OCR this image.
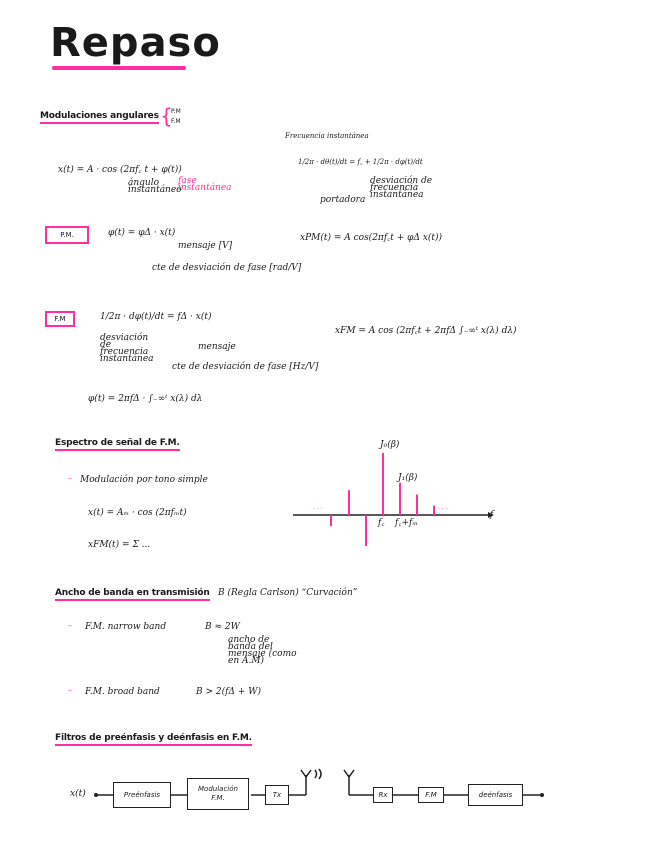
Repaso
Modulaciones angulares {
P.M
F.M
Frecuencia instantánea
x(t) = A · cos (2πf꜀ t + φ(t))
ángulo instantáneo
fase instantánea
1/2π · dθ(t)/dt = f꜀ + 1/2π · dφ(t)/dt
portadora
desviación de frecuencia instantánea
P.M.	φ(t) = φΔ · x(t)
mensaje [V]
cte de desviación de fase [rad/V]
xPM(t) = A cos(2πf꜀t + φΔ x(t))
F.M	1/2π · dφ(t)/dt = fΔ · x(t)
desviación de frecuencia instantánea
mensaje
cte de desviación de fase [Hz/V]
xFM = A cos (2πf꜀t + 2πfΔ ∫₋∞ᵗ x(λ) dλ)
φ(t) = 2πfΔ · ∫₋∞ᵗ x(λ) dλ
Espectro de señal de F.M.
– Modulación por tono simple
x(t) = Aₘ · cos (2πfₘt)
xFM(t) = Σ ...
J₀(β)
J₁(β)
f꜀ f꜀+fₘ
· · ·	· · ·
Ancho de banda en transmisión B (Regla Carlson) “Curvación”
– F.M. narrow band	B ≈ 2W
ancho de banda del mensaje (como en A.M)
– F.M. broad band	B > 2(fΔ + W)
Filtros de preénfasis y deénfasis en F.M.
x(t)	Preénfasis
Modulación F.M.	Tx	Rx	F.M	deénfasis
